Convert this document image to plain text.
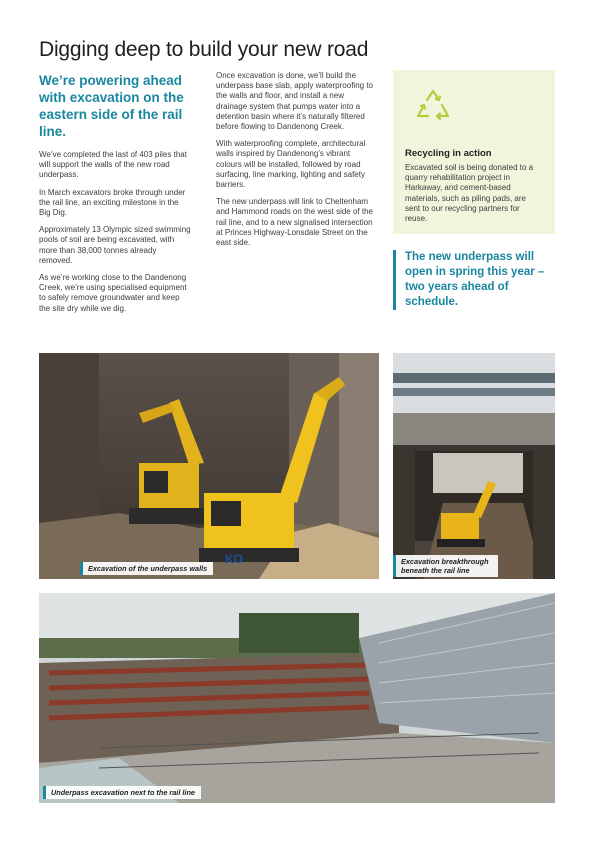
Digging deep to build your new road
We’re powering ahead with excavation on the eastern side of the rail line.

We’ve completed the last of 403 piles that will support the walls of the new road underpass.

In March excavators broke through under the rail line, an exciting milestone in the Big Dig.

Approximately 13 Olympic sized swimming pools of soil are being excavated, with more than 38,000 tonnes already removed.

As we’re working close to the Dandenong Creek, we’re using specialised equipment to safely remove groundwater and keep the site dry while we dig.

Once excavation is done, we’ll build the underpass base slab, apply waterproofing to the walls and floor, and install a new drainage system that pumps water into a detention basin where it’s naturally filtered before flowing to Dandenong Creek.

With waterproofing complete, architectural walls inspired by Dandenong’s vibrant colours will be installed, followed by road surfacing, line marking, lighting and safety barriers.

The new underpass will link to Cheltenham and Hammond roads on the west side of the rail line, and to a new signalised intersection at Princes Highway-Lonsdale Street on the east side.

Recycling in action
Excavated soil is being donated to a quarry rehabilitation project in Harkaway, and cement-based materials, such as piling pads, are sent to our recycling partners for reuse.
The new underpass will open in spring this year – two years ahead of schedule.
KO
Excavation of the underpass walls
Excavation breakthrough beneath the rail line
Underpass excavation next to the rail line
